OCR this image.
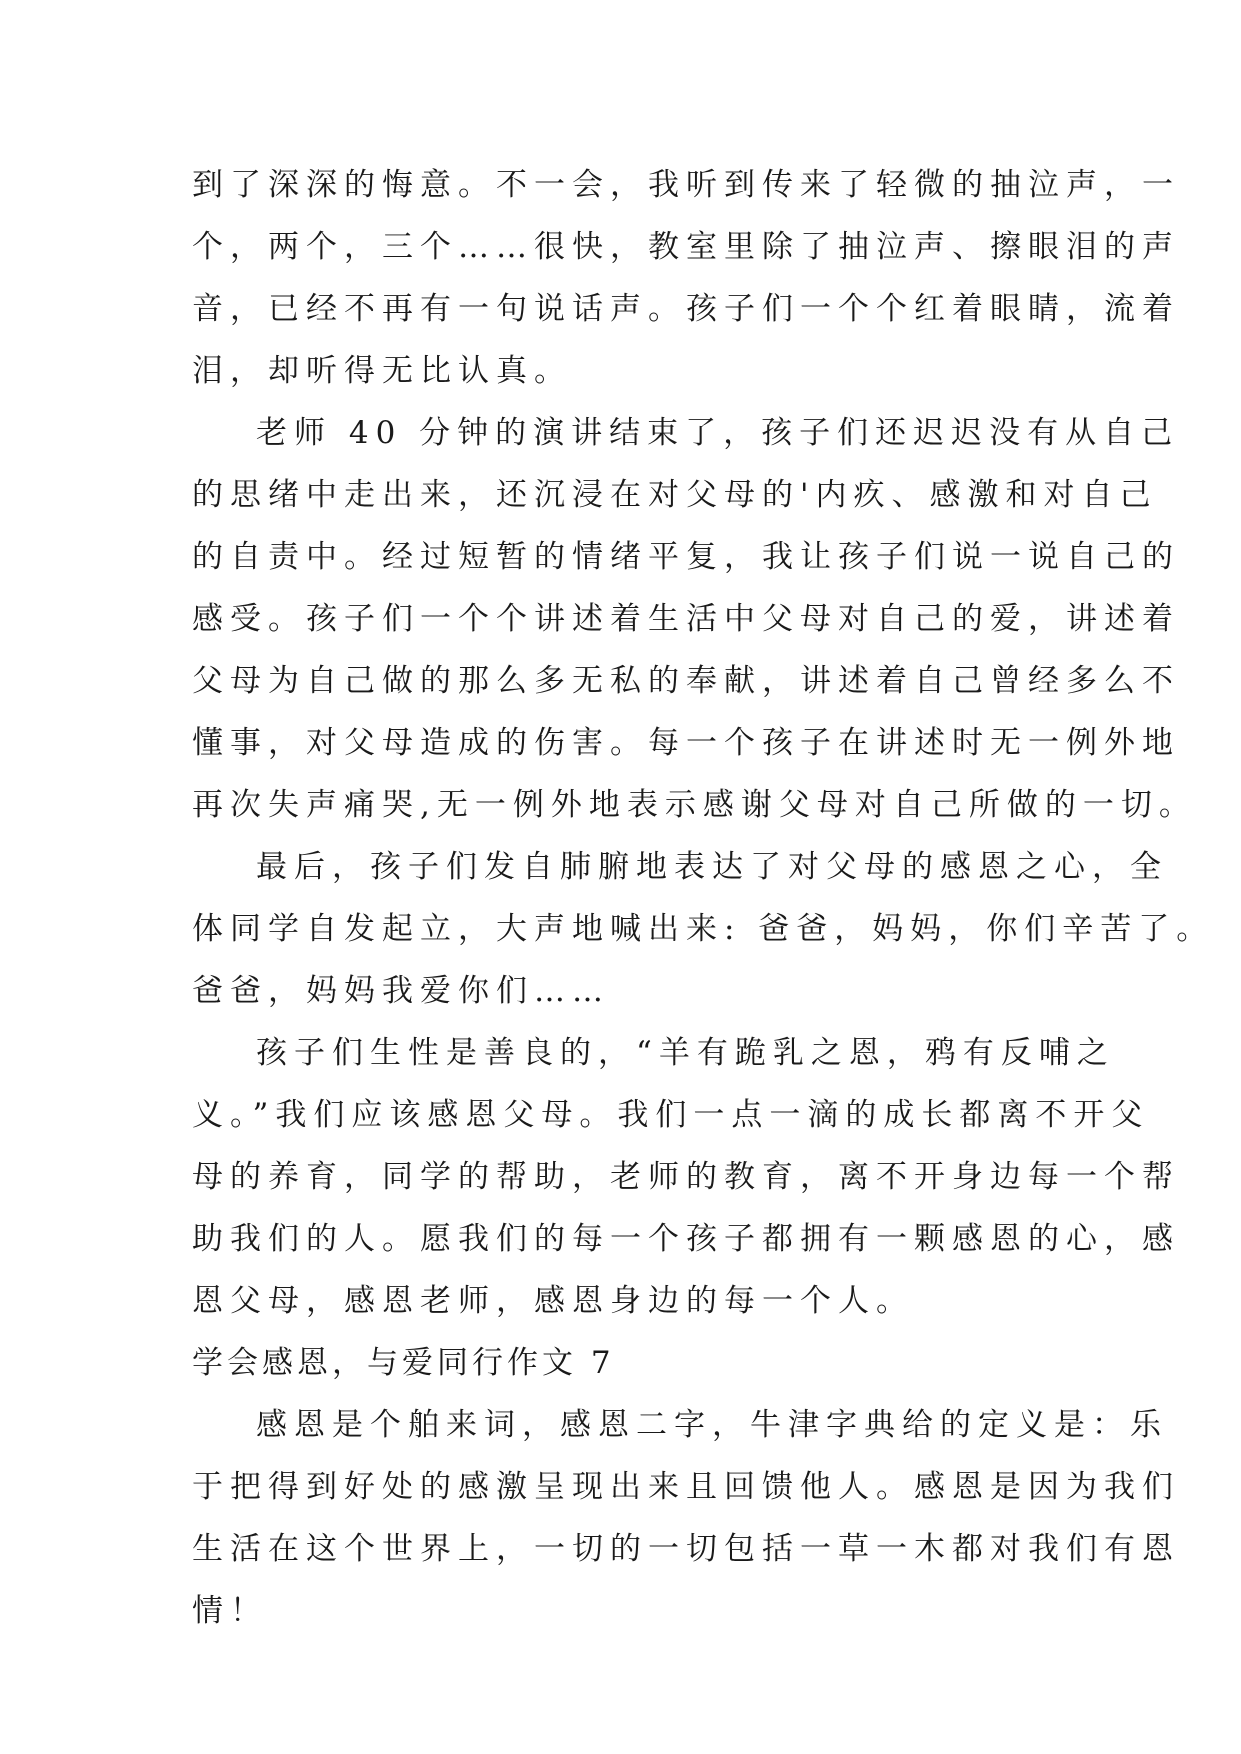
到了深深的悔意。不一会，我听到传来了轻微的抽泣声，一
个，两个，三个……很快，教室里除了抽泣声、擦眼泪的声
音，已经不再有一句说话声。孩子们一个个红着眼睛，流着
泪，却听得无比认真。
老师 40 分钟的演讲结束了，孩子们还迟迟没有从自己
的思绪中走出来，还沉浸在对父母的'内疚、感激和对自己
的自责中。经过短暂的情绪平复，我让孩子们说一说自己的
感受。孩子们一个个讲述着生活中父母对自己的爱，讲述着
父母为自己做的那么多无私的奉献，讲述着自己曾经多么不
懂事，对父母造成的伤害。每一个孩子在讲述时无一例外地
再次失声痛哭,无一例外地表示感谢父母对自己所做的一切。
最后，孩子们发自肺腑地表达了对父母的感恩之心，全
体同学自发起立，大声地喊出来: 爸爸，妈妈，你们辛苦了。
爸爸，妈妈我爱你们……
孩子们生性是善良的，“羊有跪乳之恩，鸦有反哺之
义。”我们应该感恩父母。我们一点一滴的成长都离不开父
母的养育，同学的帮助，老师的教育，离不开身边每一个帮
助我们的人。愿我们的每一个孩子都拥有一颗感恩的心，感
恩父母，感恩老师，感恩身边的每一个人。
学会感恩，与爱同行作文 7
感恩是个舶来词，感恩二字，牛津字典给的定义是：乐
于把得到好处的感激呈现出来且回馈他人。感恩是因为我们
生活在这个世界上，一切的一切包括一草一木都对我们有恩
情！
